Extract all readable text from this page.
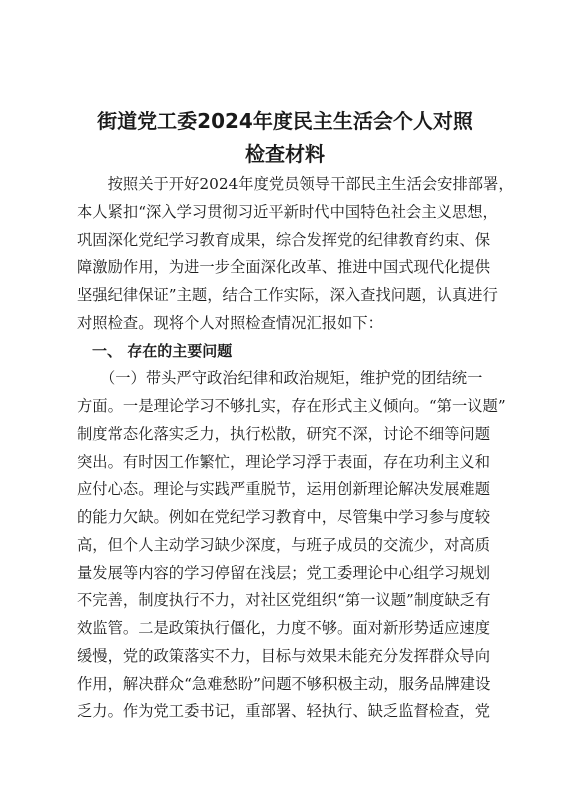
街道党工委2024年度民主生活会个人对照
检查材料
　　按照关于开好2024年度党员领导干部民主生活会安排部署，
本人紧扣“深入学习贯彻习近平新时代中国特色社会主义思想，
巩固深化党纪学习教育成果，综合发挥党的纪律教育约束、保
障激励作用，为进一步全面深化改革、推进中国式现代化提供
坚强纪律保证”主题，结合工作实际，深入查找问题，认真进行
对照检查。现将个人对照检查情况汇报如下：
　一、 存在的主要问题
　　（一）带头严守政治纪律和政治规矩，维护党的团结统一
方面。一是理论学习不够扎实，存在形式主义倾向。“第一议题”
制度常态化落实乏力，执行松散，研究不深，讨论不细等问题
突出。有时因工作繁忙，理论学习浮于表面，存在功利主义和
应付心态。理论与实践严重脱节，运用创新理论解决发展难题
的能力欠缺。例如在党纪学习教育中，尽管集中学习参与度较
高，但个人主动学习缺少深度，与班子成员的交流少，对高质
量发展等内容的学习停留在浅层；党工委理论中心组学习规划
不完善，制度执行不力，对社区党组织“第一议题”制度缺乏有
效监管。二是政策执行僵化，力度不够。面对新形势适应速度
缓慢，党的政策落实不力，目标与效果未能充分发挥群众导向
作用，解决群众“急难愁盼”问题不够积极主动，服务品牌建设
乏力。作为党工委书记，重部署、轻执行、缺乏监督检查，党
